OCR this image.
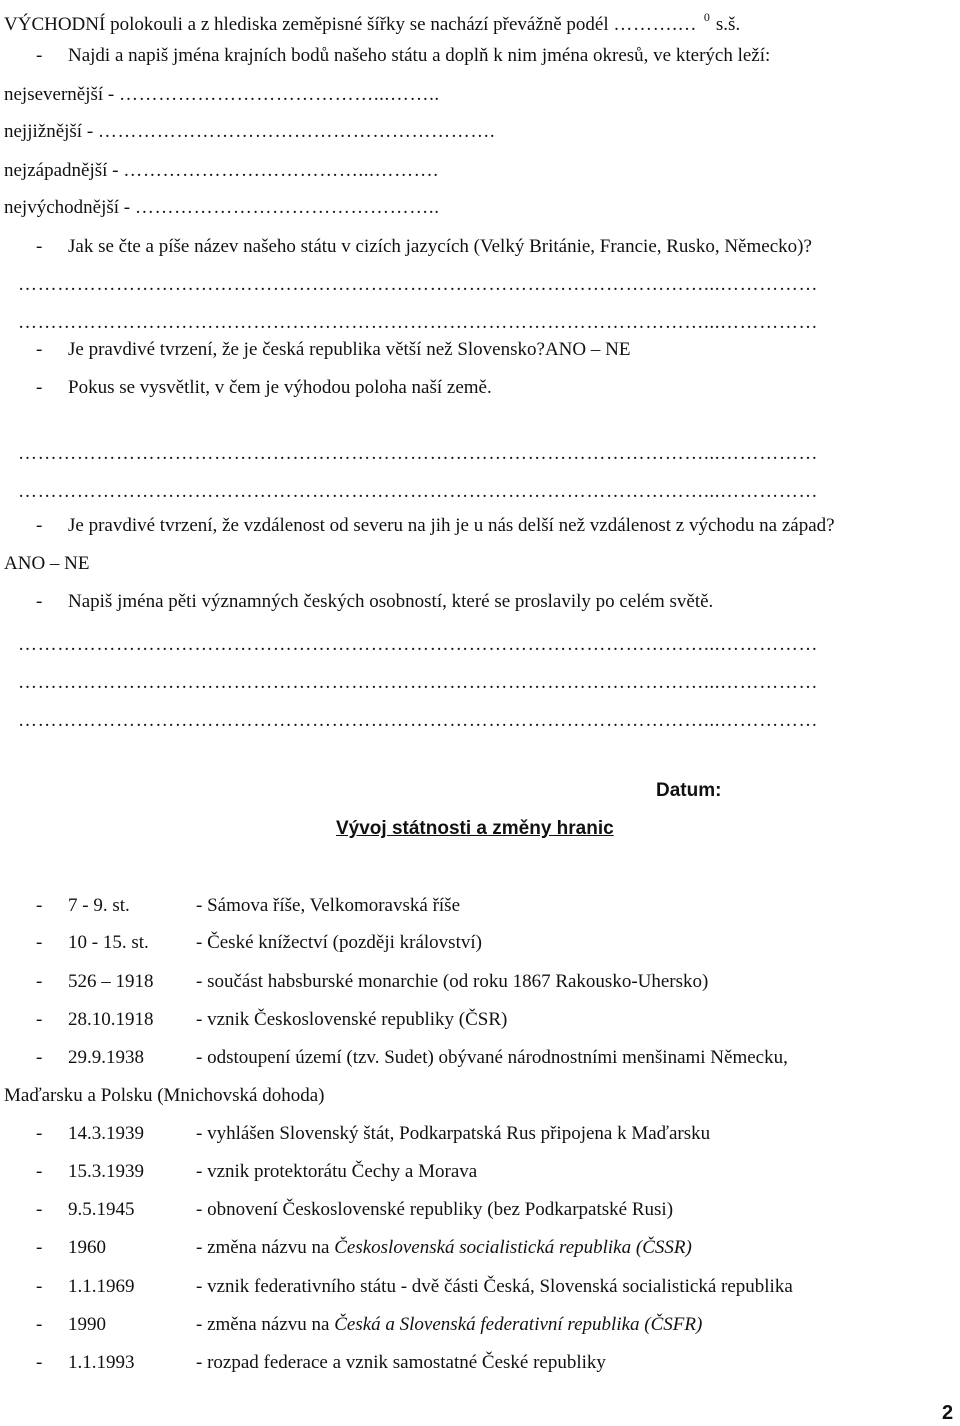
VÝCHODNÍ polokouli a z hlediska zeměpisné šířky se nachází převážně podél ……….… $^0$ s.š.
- Najdi a napiš jména krajních bodů našeho státu a doplň k nim jména okresů, ve kterých leží:
nejsevernější - …………………………………...……..
nejjižnější - …………………………………………………….
nejzápadnější - ………………………………...……….
nejvýchodnější - ………………………………………..
- Jak se čte a píše název našeho státu v cizích jazycích (Velký Británie, Francie, Rusko, Německo)?
……………………………………………………………………………………………...……………
……………………………………………………………………………………………...……………
- Je pravdivé tvrzení, že je česká republika větší než Slovensko?ANO – NE
- Pokus se vysvětlit, v čem je výhodou poloha naší země.
……………………………………………………………………………………………...……………
……………………………………………………………………………………………...……………
- Je pravdivé tvrzení, že vzdálenost od severu na jih je u nás delší než vzdálenost z východu na západ?
ANO – NE
- Napiš jména pěti významných českých osobností, které se proslavily po celém světě.
……………………………………………………………………………………………...……………
……………………………………………………………………………………………...……………
……………………………………………………………………………………………...……………
Datum:
Vývoj státnosti a změny hranic
- 7 - 9. st.	- Sámova říše, Velkomoravská říše
- 10 - 15. st. - České knížectví (později království)
- 526 – 1918 - součást habsburské monarchie (od roku 1867 Rakousko-Uhersko)
- 28.10.1918 - vznik Československé republiky (ČSR)
- 29.9.1938	- odstoupení území (tzv. Sudet) obývané národnostními menšinami Německu,
Maďarsku a Polsku (Mnichovská dohoda)
- 14.3.1939	- vyhlášen Slovenský štát, Podkarpatská Rus připojena k Maďarsku
- 15.3.1939	- vznik protektorátu Čechy a Morava
- 9.5.1945	- obnovení Československé republiky (bez Podkarpatské Rusi)
- 1960	- změna názvu na Československá socialistická republika (ČSSR)
- 1.1.1969	- vznik federativního státu - dvě části Česká, Slovenská socialistická republika
- 1990	- změna názvu na Česká a Slovenská federativní republika (ČSFR)
- 1.1.1993	- rozpad federace a vznik samostatné České republiky
2
